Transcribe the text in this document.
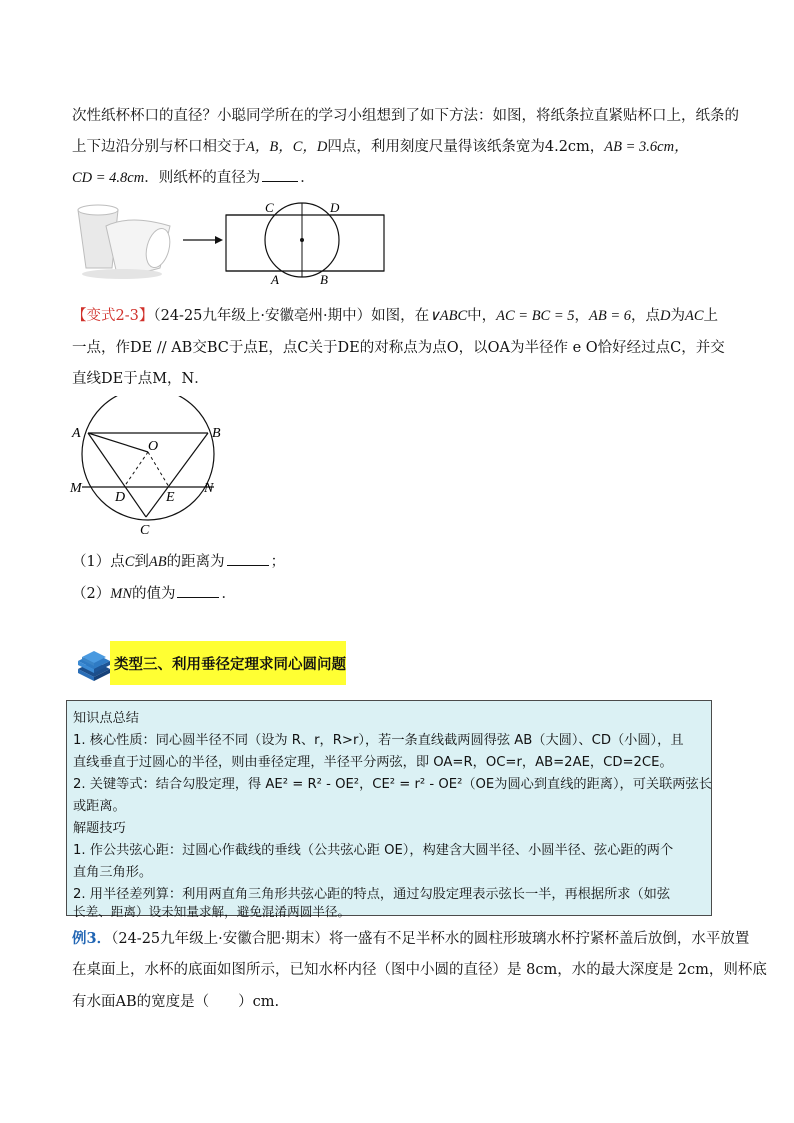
次性纸杯杯口的直径？小聪同学所在的学习小组想到了如下方法：如图，将纸条拉直紧贴杯口上，纸条的
上下边沿分别与杯口相交于A，B，C，D四点，利用刻度尺量得该纸条宽为4.2cm，AB = 3.6cm，
CD = 4.8cm．则纸杯的直径为	．
C	D
A	B
【变式2-3】（24-25九年级上·安徽亳州·期中）如图，在∨ABC中，AC = BC = 5，AB = 6，点D为AC上
一点，作DE // AB交BC于点E，点C关于DE的对称点为点O，以OA为半径作 e O恰好经过点C，并交
直线DE于点M，N．
A	B
O
M
D	E
N
C
（1）点C到AB的距离为	；
（2）MN的值为	．
类型三、利用垂径定理求同心圆问题
知识点总结
1. 核心性质：同心圆半径不同（设为 R、r，R>r），若一条直线截两圆得弦 AB（大圆）、CD（小圆），且
直线垂直于过圆心的半径，则由垂径定理，半径平分两弦，即 OA=R，OC=r，AB=2AE，CD=2CE。
2. 关键等式：结合勾股定理，得 AE² = R² - OE²，CE² = r² - OE²（OE为圆心到直线的距离），可关联两弦长
或距离。
解题技巧
1. 作公共弦心距：过圆心作截线的垂线（公共弦心距 OE），构建含大圆半径、小圆半径、弦心距的两个
直角三角形。
2. 用半径差列算：利用两直角三角形共弦心距的特点，通过勾股定理表示弦长一半，再根据所求（如弦
长差、距离）设未知量求解，避免混淆两圆半径。
例3．（24-25九年级上·安徽合肥·期末）将一盛有不足半杯水的圆柱形玻璃水杯拧紧杯盖后放倒，水平放置
在桌面上，水杯的底面如图所示，已知水杯内径（图中小圆的直径）是 8cm，水的最大深度是 2cm，则杯底
有水面AB的宽度是（　　）cm.
